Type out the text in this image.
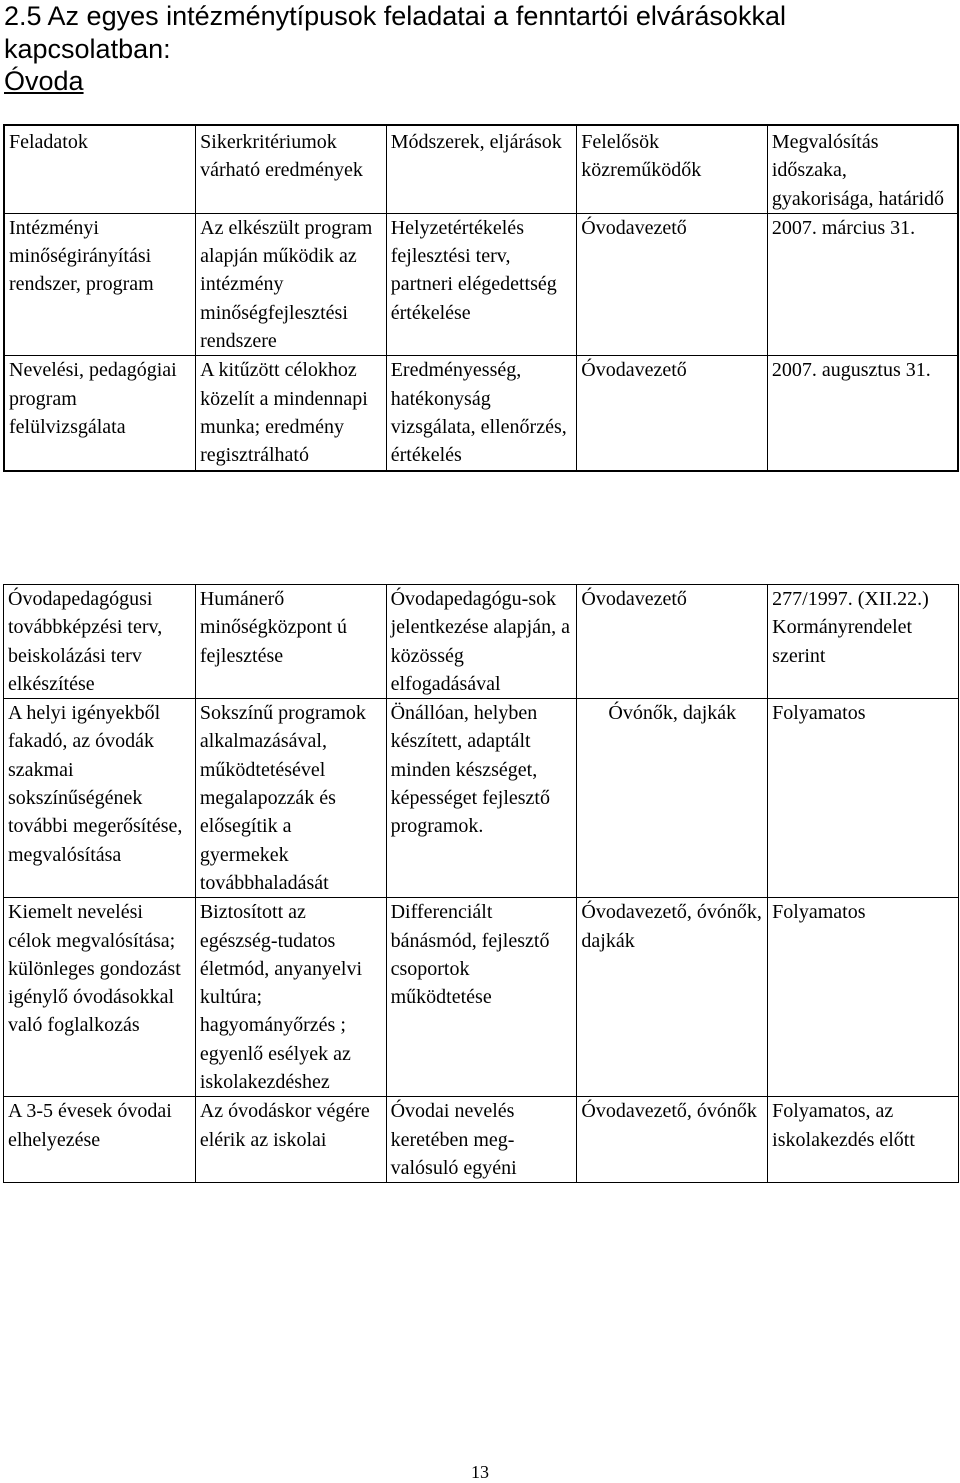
2.5 Az egyes intézménytípusok feladatai a fenntartói elvárásokkal
kapcsolatban:
Óvoda
Feladatok	Sikerkritériumok várható eredmények	Módszerek, eljárások	Felelősök közreműködők	Megvalósítás időszaka, gyakorisága, határidő
Intézményi minőségirányítási rendszer, program	Az elkészült program alapján működik az intézmény minőségfejlesztési rendszere	Helyzetértékelés fejlesztési terv, partneri elégedettség értékelése	Óvodavezető	2007. március 31.
Nevelési, pedagógiai program felülvizsgálata	A kitűzött célokhoz közelít a mindennapi munka; eredmény regisztrálható	Eredményesség, hatékonyság vizsgálata, ellenőrzés, értékelés	Óvodavezető	2007. augusztus 31.
Óvodapedagógusi továbbképzési terv, beiskolázási terv elkészítése	Humánerő minőségközpont ú fejlesztése	Óvodapedagógu-sok jelentkezése alapján, a közösség elfogadásával	Óvodavezető	277/1997. (XII.22.) Kormányrendelet szerint
A helyi igényekből fakadó, az óvodák szakmai sokszínűségének további megerősítése, megvalósítása	Sokszínű programok alkalmazásával, működtetésével megalapozzák és elősegítik a gyermekek továbbhaladását	Önállóan, helyben készített, adaptált minden készséget, képességet fejlesztő programok.	Óvónők, dajkák	Folyamatos
Kiemelt nevelési célok megvalósítása; különleges gondozást igénylő óvodásokkal való foglalkozás	Biztosított az egészség-tudatos életmód, anyanyelvi kultúra; hagyományőrzés ; egyenlő esélyek az iskolakezdéshez	Differenciált bánásmód, fejlesztő csoportok működtetése	Óvodavezető, óvónők, dajkák	Folyamatos
A 3-5 évesek óvodai elhelyezése	Az óvodáskor végére elérik az iskolai	Óvodai nevelés keretében meg-valósuló egyéni	Óvodavezető, óvónők	Folyamatos, az iskolakezdés előtt
13
